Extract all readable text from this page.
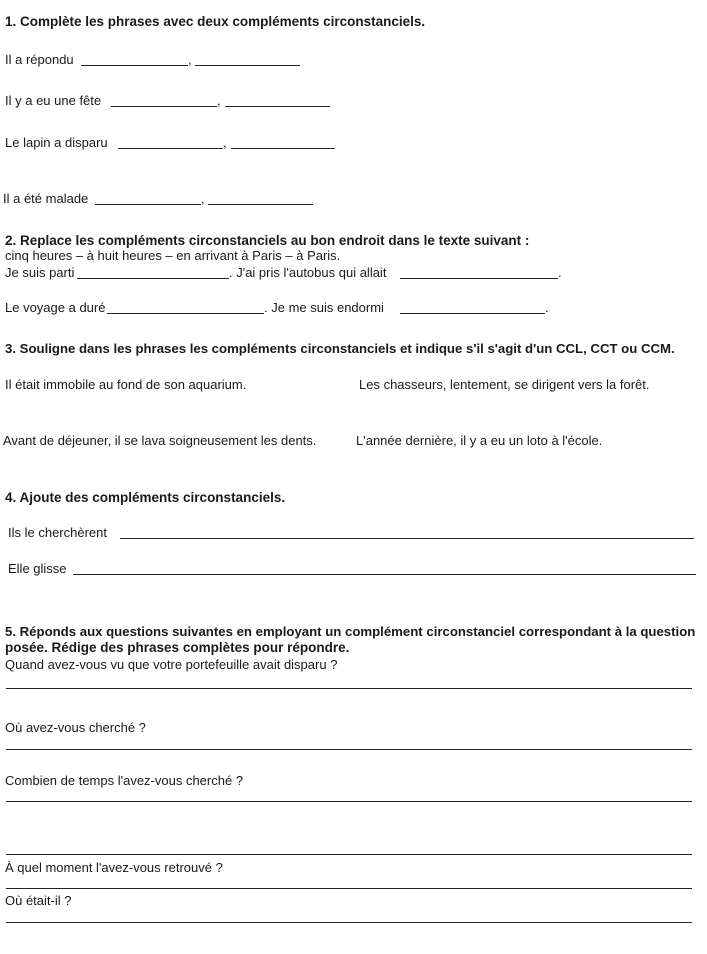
1. Complète les phrases avec deux compléments circonstanciels.
Il a répondu	,
Il y a eu une fête	,
Le lapin a disparu	,
Il a été malade	,
2. Replace les compléments circonstanciels au bon endroit dans le texte suivant :
cinq heures – à huit heures – en arrivant à Paris – à Paris.
Je suis parti	. J'ai pris l'autobus qui allait	.
Le voyage a duré	. Je me suis endormi	.
3. Souligne dans les phrases les compléments circonstanciels et indique s'il s'agit d'un CCL, CCT ou CCM.
Il était immobile au fond de son aquarium.	Les chasseurs, lentement, se dirigent vers la forêt.
Avant de déjeuner, il se lava soigneusement les dents.	L'année dernière, il y a eu un loto à l'école.
4. Ajoute des compléments circonstanciels.
Ils le cherchèrent
Elle glisse
5. Réponds aux questions suivantes en employant un complément circonstanciel correspondant à la question
posée. Rédige des phrases complètes pour répondre.
Quand avez-vous vu que votre portefeuille avait disparu ?
Où avez-vous cherché ?
Combien de temps l'avez-vous cherché ?
À quel moment l'avez-vous retrouvé ?
Où était-il ?
